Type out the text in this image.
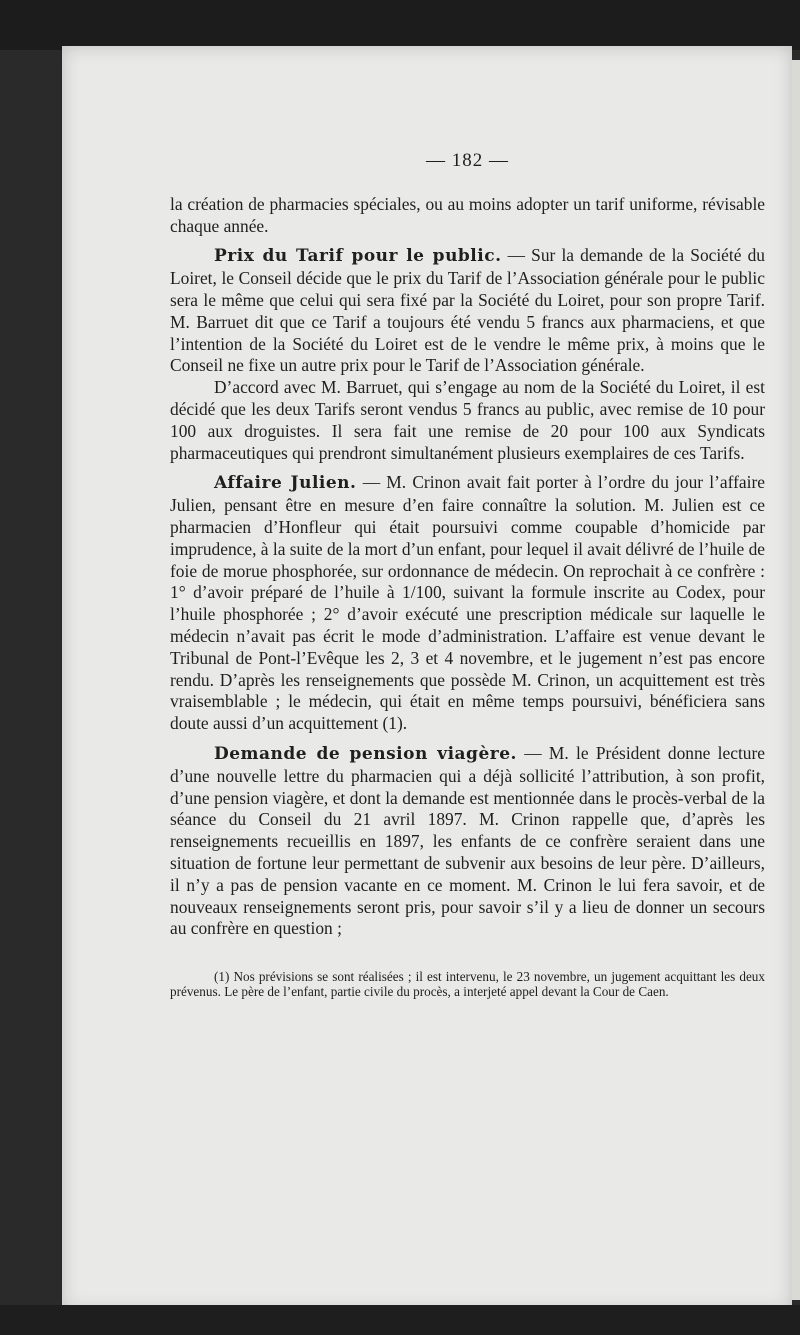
— 182 —

la création de pharmacies spéciales, ou au moins adopter un tarif uniforme, révisable chaque année.

Prix du Tarif pour le public. — Sur la demande de la Société du Loiret, le Conseil décide que le prix du Tarif de l’Association générale pour le public sera le même que celui qui sera fixé par la Société du Loiret, pour son propre Tarif. M. Barruet dit que ce Tarif a toujours été vendu 5 francs aux pharmaciens, et que l’intention de la Société du Loiret est de le vendre le même prix, à moins que le Conseil ne fixe un autre prix pour le Tarif de l’Association générale.

D’accord avec M. Barruet, qui s’engage au nom de la Société du Loiret, il est décidé que les deux Tarifs seront vendus 5 francs au public, avec remise de 10 pour 100 aux droguistes. Il sera fait une remise de 20 pour 100 aux Syndicats pharmaceutiques qui prendront simultanément plusieurs exemplaires de ces Tarifs.

Affaire Julien. — M. Crinon avait fait porter à l’ordre du jour l’affaire Julien, pensant être en mesure d’en faire connaître la solution. M. Julien est ce pharmacien d’Honfleur qui était poursuivi comme coupable d’homicide par imprudence, à la suite de la mort d’un enfant, pour lequel il avait délivré de l’huile de foie de morue phosphorée, sur ordonnance de médecin. On reprochait à ce confrère : 1° d’avoir préparé de l’huile à 1/100, suivant la formule inscrite au Codex, pour l’huile phosphorée ; 2° d’avoir exécuté une prescription médicale sur laquelle le médecin n’avait pas écrit le mode d’administration. L’affaire est venue devant le Tribunal de Pont-l’Evêque les 2, 3 et 4 novembre, et le jugement n’est pas encore rendu. D’après les renseignements que possède M. Crinon, un acquittement est très vraisemblable ; le médecin, qui était en même temps poursuivi, bénéficiera sans doute aussi d’un acquittement (1).

Demande de pension viagère. — M. le Président donne lecture d’une nouvelle lettre du pharmacien qui a déjà sollicité l’attribution, à son profit, d’une pension viagère, et dont la demande est mentionnée dans le procès-verbal de la séance du Conseil du 21 avril 1897. M. Crinon rappelle que, d’après les renseignements recueillis en 1897, les enfants de ce confrère seraient dans une situation de fortune leur permettant de subvenir aux besoins de leur père. D’ailleurs, il n’y a pas de pension vacante en ce moment. M. Crinon le lui fera savoir, et de nouveaux renseignements seront pris, pour savoir s’il y a lieu de donner un secours au confrère en question ;

(1) Nos prévisions se sont réalisées ; il est intervenu, le 23 novembre, un jugement acquittant les deux prévenus. Le père de l’enfant, partie civile du procès, a interjeté appel devant la Cour de Caen.
